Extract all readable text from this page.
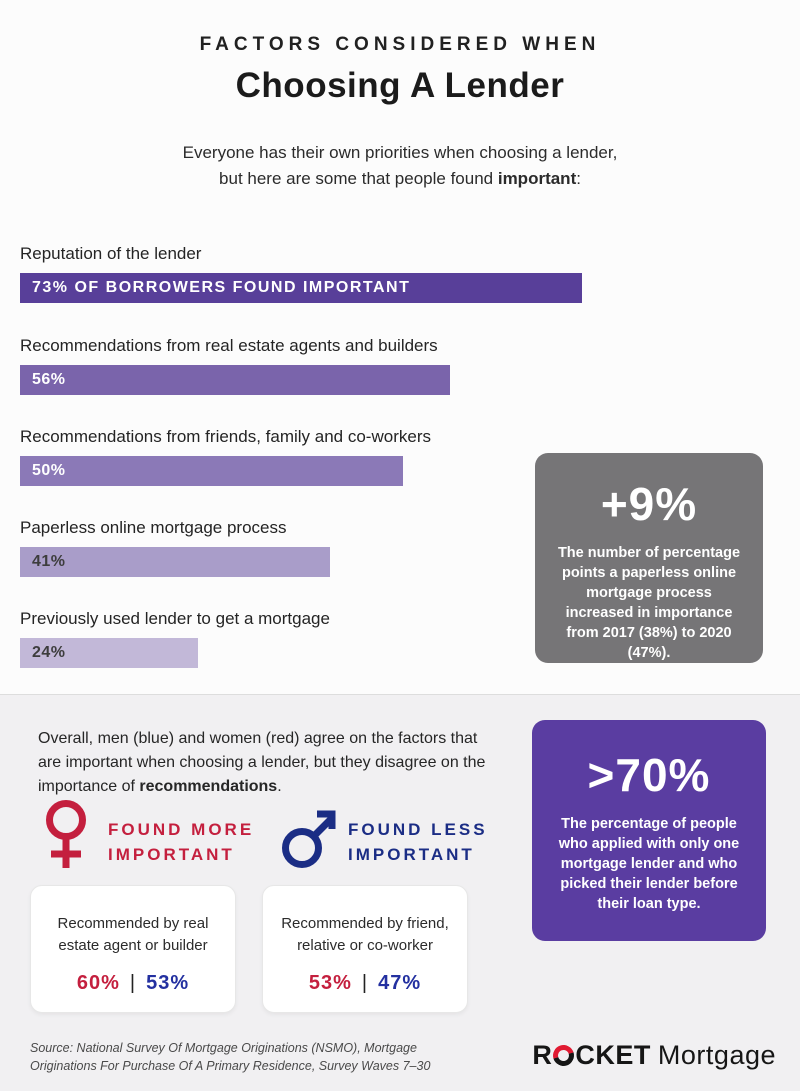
FACTORS CONSIDERED WHEN
Choosing A Lender
Everyone has their own priorities when choosing a lender,
but here are some that people found important:
Reputation of the lender
73% OF BORROWERS FOUND IMPORTANT
Recommendations from real estate agents and builders
56%
Recommendations from friends, family and co-workers
50%
Paperless online mortgage process
41%
Previously used lender to get a mortgage
24%
+9%
The number of percentage points a paperless online mortgage process increased in importance from 2017 (38%) to 2020 (47%).
Overall, men (blue) and women (red) agree on the factors that are important when choosing a lender, but they disagree on the importance of recommendations.
FOUND MORE
IMPORTANT
FOUND LESS
IMPORTANT
Recommended by real estate agent or builder
60% | 53%
Recommended by friend, relative or co-worker
53% | 47%
Source: National Survey Of Mortgage Originations (NSMO), Mortgage
Originations For Purchase Of A Primary Residence, Survey Waves 7–30	R CKET Mortgage
>70%
The percentage of people who applied with only one mortgage lender and who picked their lender before their loan type.
